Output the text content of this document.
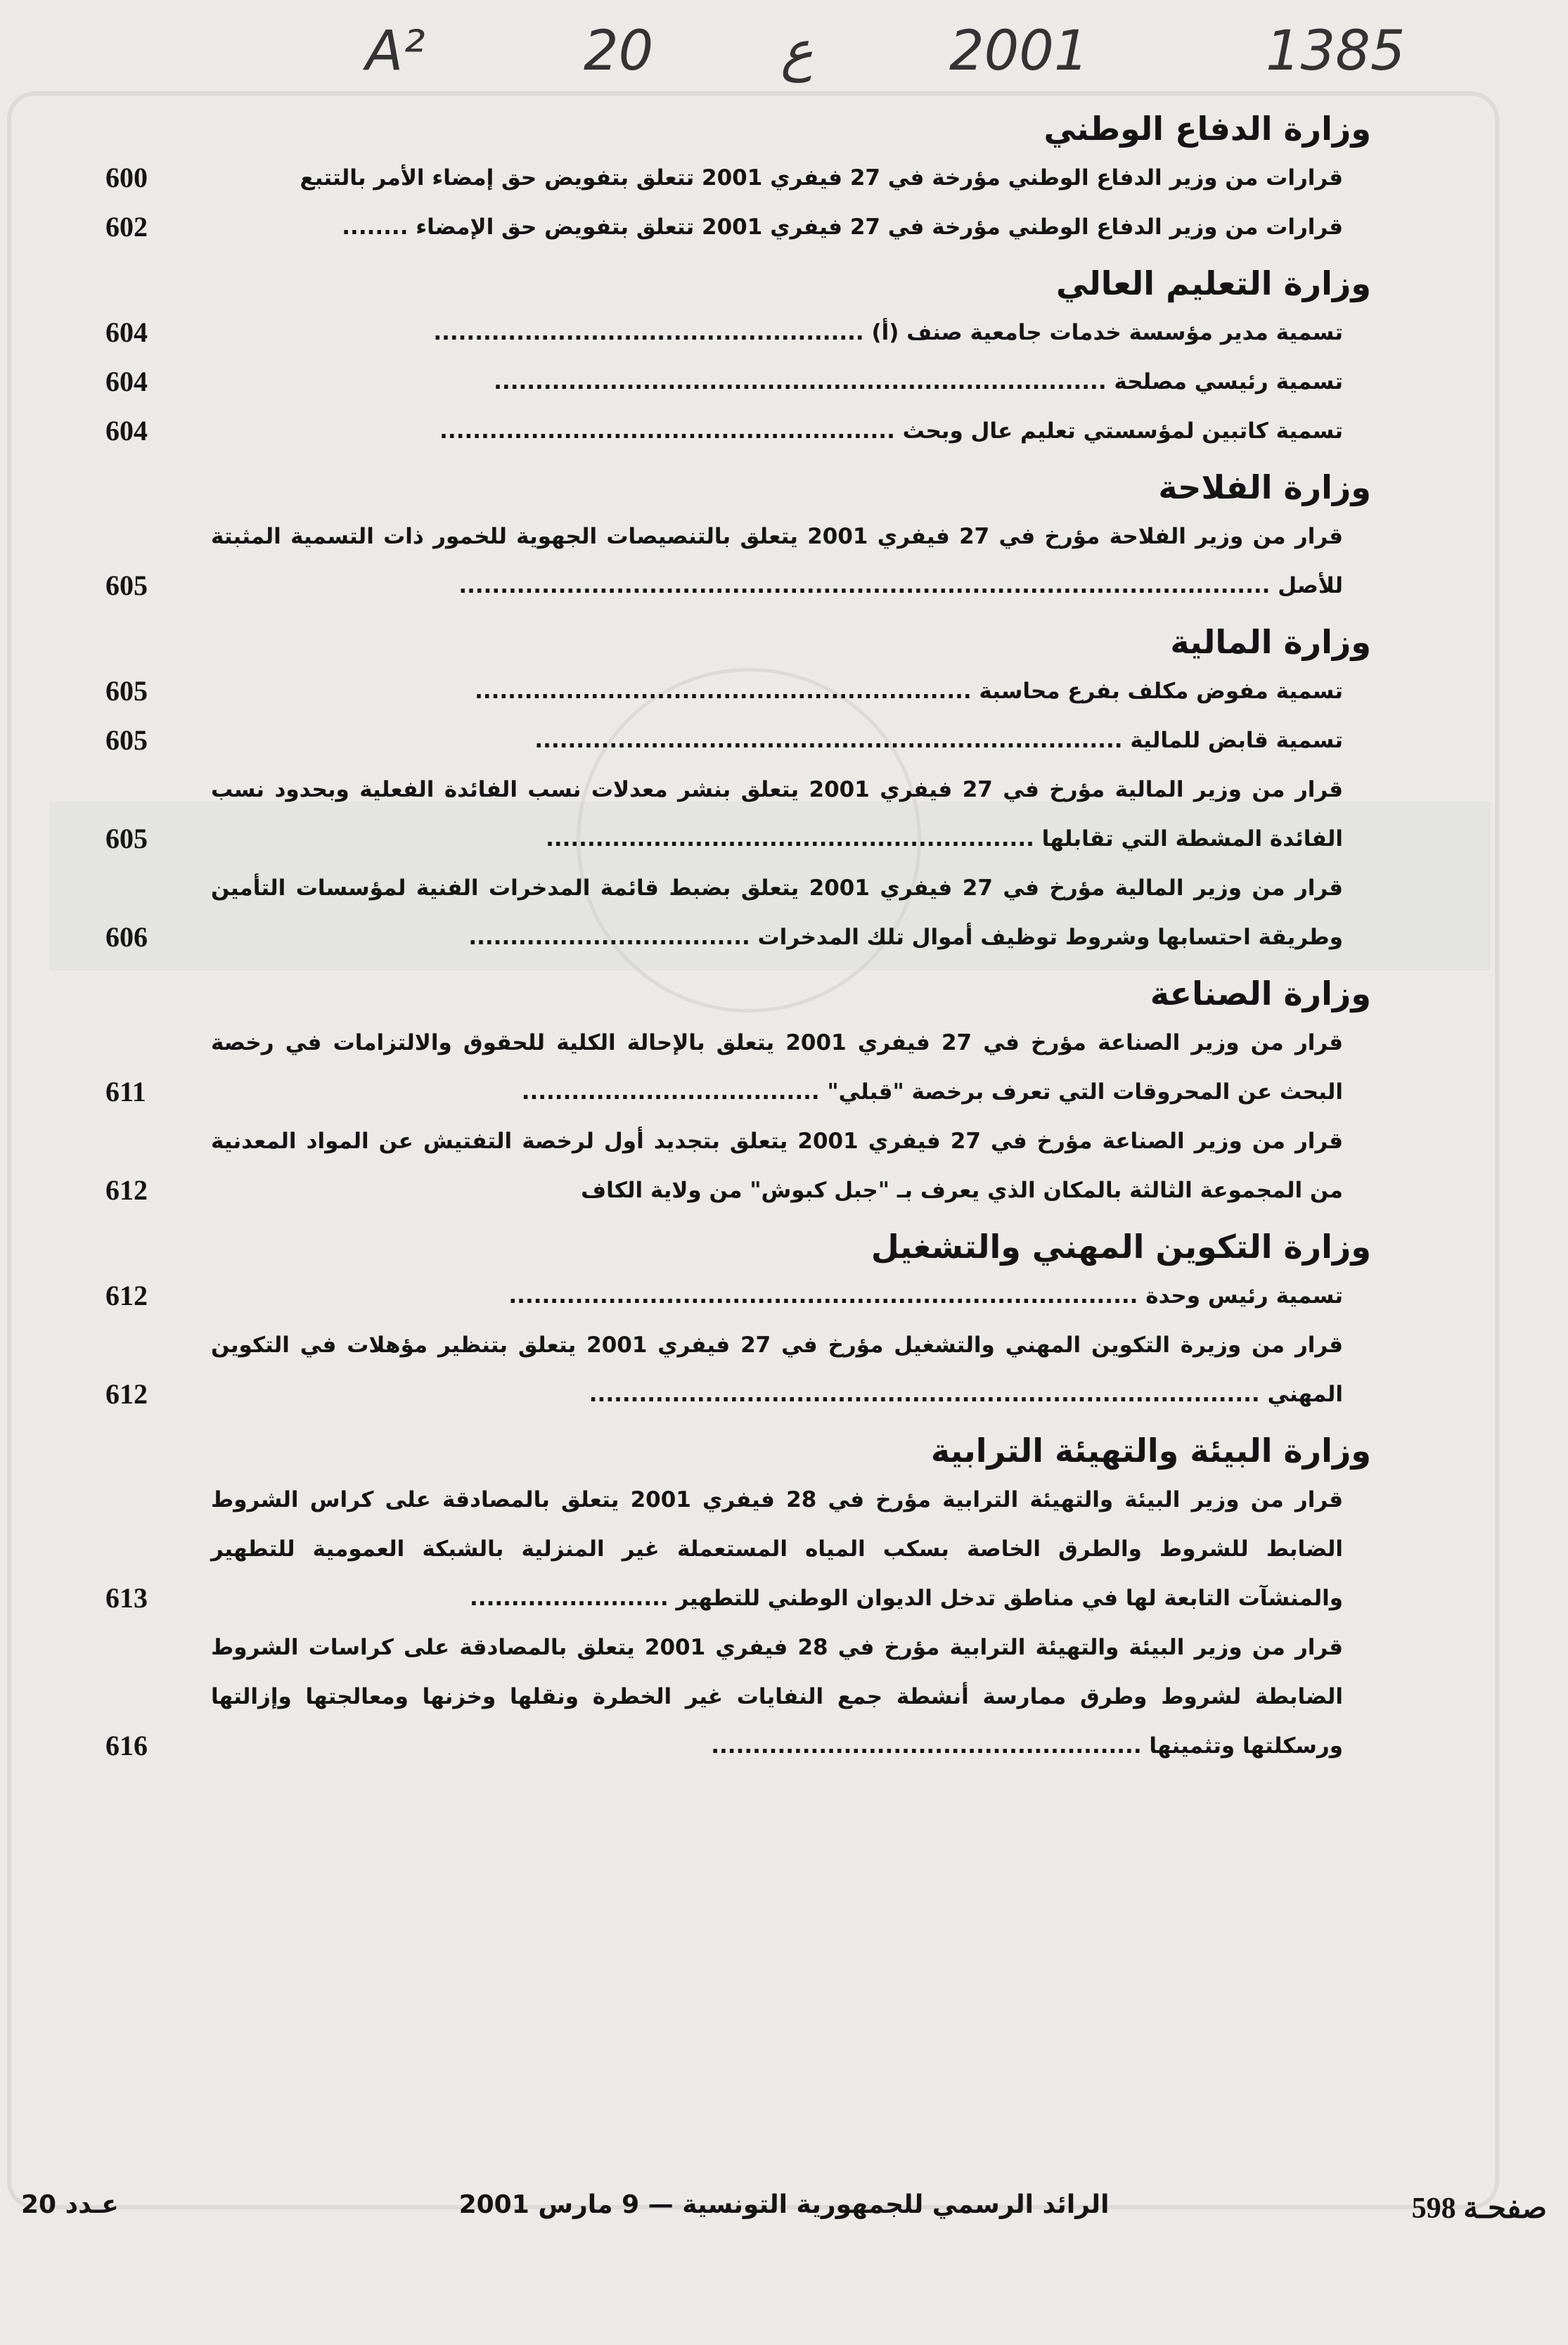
A²	20 ع 2001	1385
وزارة الدفاع الوطني
قرارات من وزير الدفاع الوطني مؤرخة في 27 فيفري 2001 تتعلق بتفويض حق إمضاء الأمر بالتتبع
600
قرارات من وزير الدفاع الوطني مؤرخة في 27 فيفري 2001 تتعلق بتفويض حق الإمضاء ........
602
وزارة التعليم العالي
تسمية مدير مؤسسة خدمات جامعية صنف (أ) ....................................................
604
تسمية رئيسي مصلحة ..........................................................................
604
تسمية كاتبين لمؤسستي تعليم عال وبحث .......................................................
604
وزارة الفلاحة
قرار من وزير الفلاحة مؤرخ في 27 فيفري 2001 يتعلق بالتنصيصات الجهوية للخمور ذات التسمية المثبتة للأصل ..................................................................................................
605
وزارة المالية
تسمية مفوض مكلف بفرع محاسبة ............................................................
605
تسمية قابض للمالية .......................................................................
605
قرار من وزير المالية مؤرخ في 27 فيفري 2001 يتعلق بنشر معدلات نسب الفائدة الفعلية وبحدود نسب الفائدة المشطة التي تقابلها ...........................................................
605
قرار من وزير المالية مؤرخ في 27 فيفري 2001 يتعلق بضبط قائمة المدخرات الفنية لمؤسسات التأمين وطريقة احتسابها وشروط توظيف أموال تلك المدخرات ..................................
606
وزارة الصناعة
قرار من وزير الصناعة مؤرخ في 27 فيفري 2001 يتعلق بالإحالة الكلية للحقوق والالتزامات في رخصة البحث عن المحروقات التي تعرف برخصة "قبلي" ....................................
611
قرار من وزير الصناعة مؤرخ في 27 فيفري 2001 يتعلق بتجديد أول لرخصة التفتيش عن المواد المعدنية من المجموعة الثالثة بالمكان الذي يعرف بـ "جبل كبوش" من ولاية الكاف
612
وزارة التكوين المهني والتشغيل
تسمية رئيس وحدة ............................................................................
612
قرار من وزيرة التكوين المهني والتشغيل مؤرخ في 27 فيفري 2001 يتعلق بتنظير مؤهلات في التكوين المهني .................................................................................
612
وزارة البيئة والتهيئة الترابية
قرار من وزير البيئة والتهيئة الترابية مؤرخ في 28 فيفري 2001 يتعلق بالمصادقة على كراس الشروط الضابط للشروط والطرق الخاصة بسكب المياه المستعملة غير المنزلية بالشبكة العمومية للتطهير والمنشآت التابعة لها في مناطق تدخل الديوان الوطني للتطهير ........................
613
قرار من وزير البيئة والتهيئة الترابية مؤرخ في 28 فيفري 2001 يتعلق بالمصادقة على كراسات الشروط الضابطة لشروط وطرق ممارسة أنشطة جمع النفايات غير الخطرة ونقلها وخزنها ومعالجتها وإزالتها ورسكلتها وتثمينها ....................................................
616
صفحـة 598
الرائد الرسمي للجمهورية التونسية — 9 مارس 2001
عـدد 20
